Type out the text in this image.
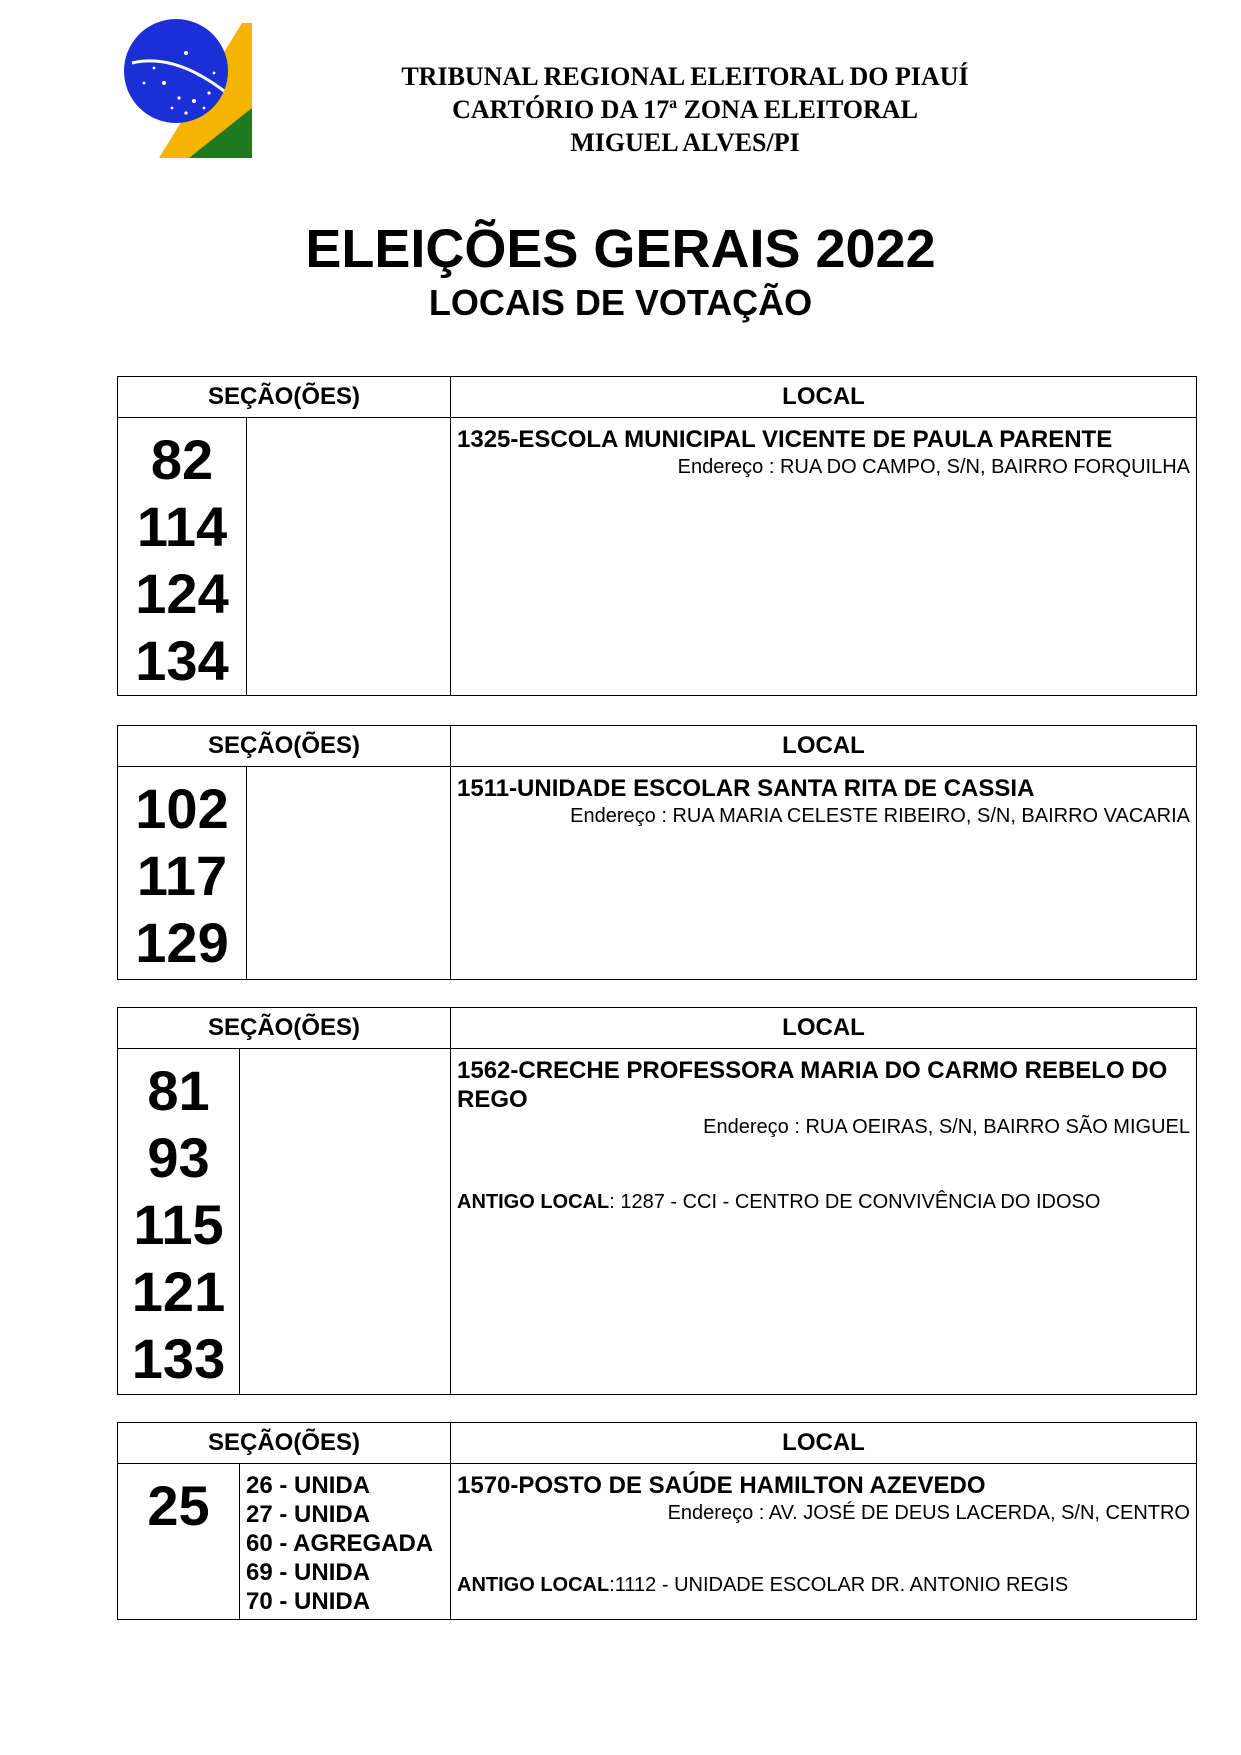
TRIBUNAL REGIONAL ELEITORAL DO PIAUÍ
CARTÓRIO DA 17ª ZONA ELEITORAL
MIGUEL ALVES/PI
ELEIÇÕES GERAIS 2022
LOCAIS DE VOTAÇÃO
SEÇÃO(ÕES)	LOCAL
82
114
124
134
1325-ESCOLA MUNICIPAL VICENTE DE PAULA PARENTE
Endereço : RUA DO CAMPO, S/N, BAIRRO FORQUILHA
SEÇÃO(ÕES)	LOCAL
102
117
129
1511-UNIDADE ESCOLAR SANTA RITA DE CASSIA
Endereço : RUA MARIA CELESTE RIBEIRO, S/N, BAIRRO VACARIA
SEÇÃO(ÕES)	LOCAL
81
93
115
121
133
1562-CRECHE PROFESSORA MARIA DO CARMO REBELO DO REGO
Endereço : RUA OEIRAS, S/N, BAIRRO SÃO MIGUEL
ANTIGO LOCAL: 1287 - CCI - CENTRO DE CONVIVÊNCIA DO IDOSO
SEÇÃO(ÕES)	LOCAL
25	26 - UNIDA
27 - UNIDA
60 - AGREGADA
69 - UNIDA
70 - UNIDA
1570-POSTO DE SAÚDE HAMILTON AZEVEDO
Endereço : AV. JOSÉ DE DEUS LACERDA, S/N, CENTRO
ANTIGO LOCAL:1112 - UNIDADE ESCOLAR DR. ANTONIO REGIS
